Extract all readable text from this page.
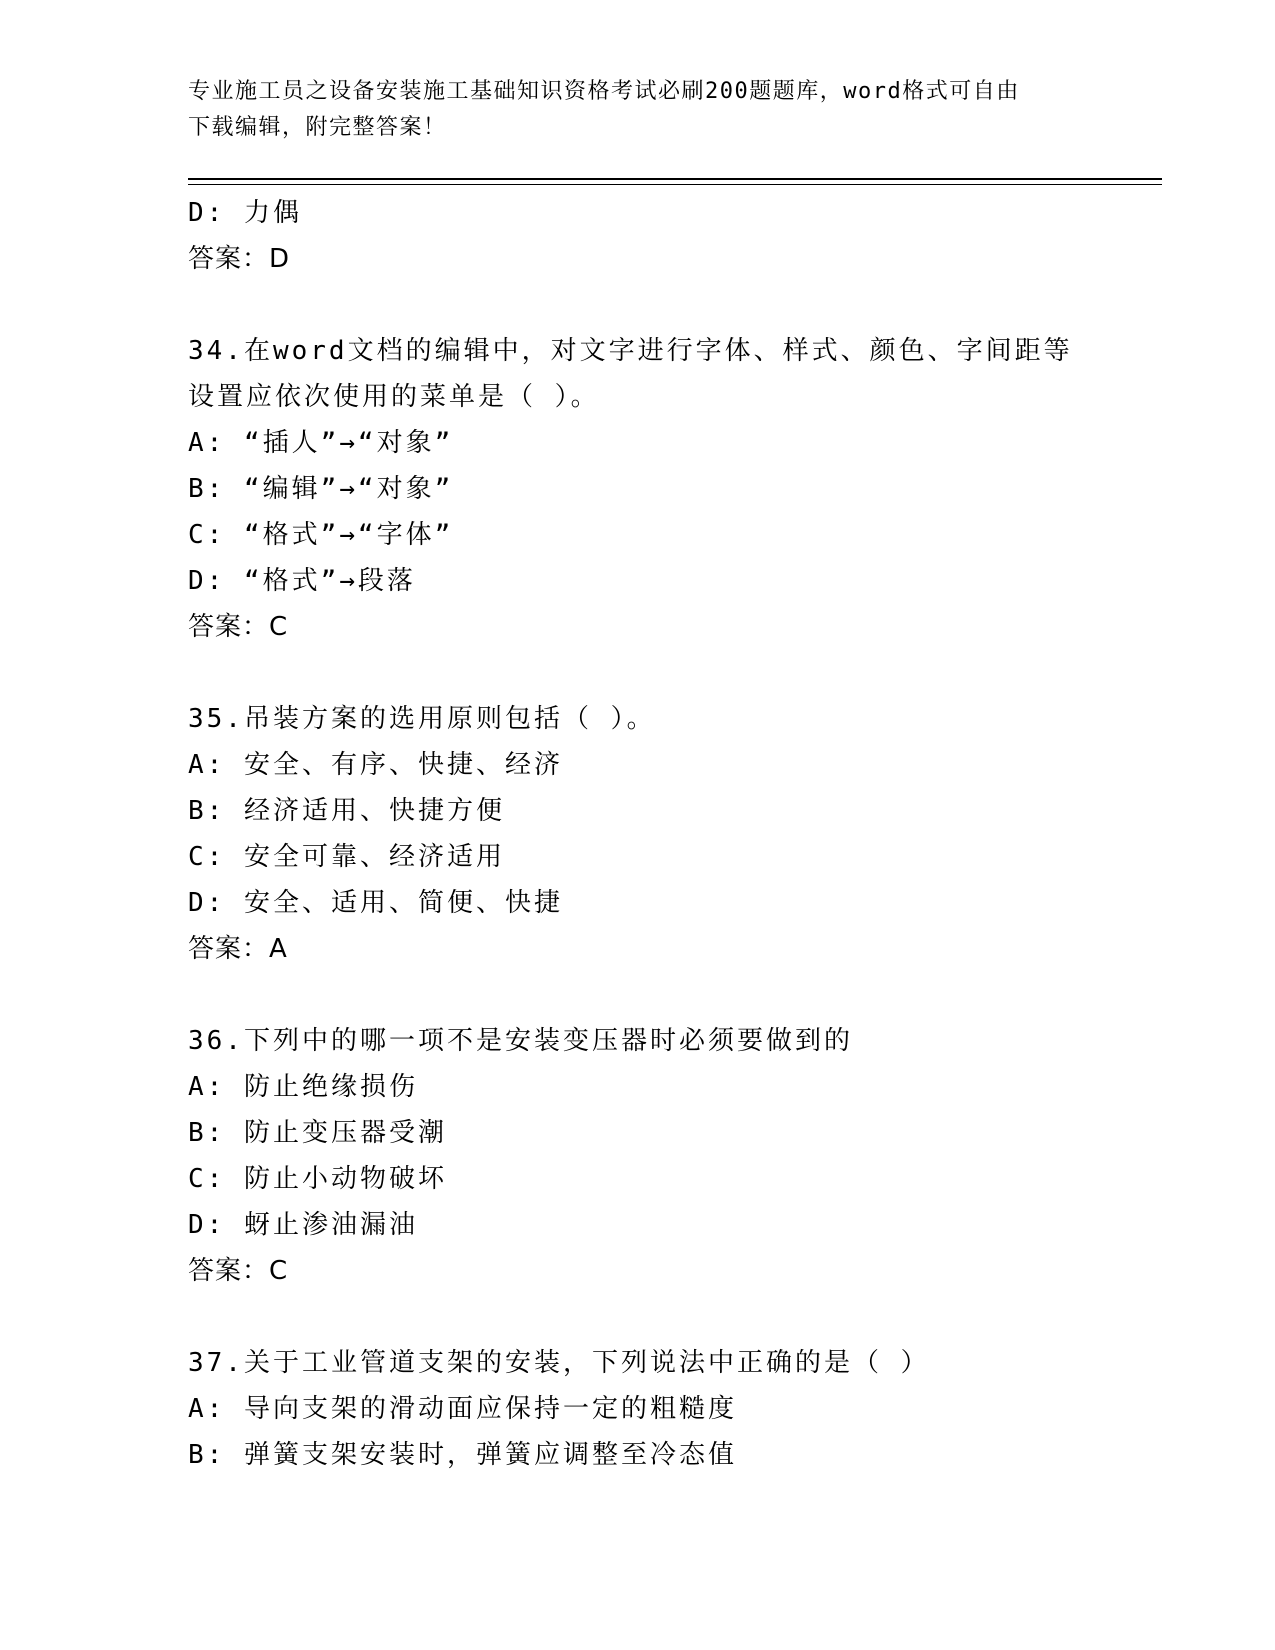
专业施工员之设备安装施工基础知识资格考试必刷200题题库，word格式可自由
下载编辑，附完整答案！
D: 力偶
答案：D
34.在word文档的编辑中，对文字进行字体、样式、颜色、字间距等
设置应依次使用的菜单是（ ）。
A: “插人”→“对象”
B: “编辑”→“对象”
C: “格式”→“字体”
D: “格式”→段落
答案：C
35.吊装方案的选用原则包括（ ）。
A: 安全、有序、快捷、经济
B: 经济适用、快捷方便
C: 安全可靠、经济适用
D: 安全、适用、简便、快捷
答案：A
36.下列中的哪一项不是安装变压器时必须要做到的
A: 防止绝缘损伤
B: 防止变压器受潮
C: 防止小动物破坏
D: 蚜止渗油漏油
答案：C
37.关于工业管道支架的安装，下列说法中正确的是（ ）
A: 导向支架的滑动面应保持一定的粗糙度
B: 弹簧支架安装时，弹簧应调整至冷态值
